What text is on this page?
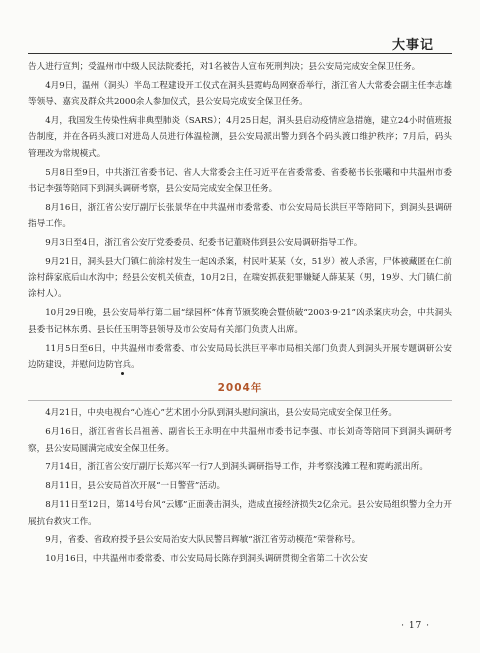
大事记

告人进行宣判；受温州市中级人民法院委托，对1名被告人宣布死刑判决；县公安局完成安全保卫任务。

4月9日，温州（洞头）半岛工程建设开工仪式在洞头县霓屿岛网寮岙举行，浙江省人大常委会副主任李志雄等领导、嘉宾及群众共2000余人参加仪式，县公安局完成安全保卫任务。

4月，我国发生传染性病非典型肺炎（SARS）；4月25日起，洞头县启动疫情应急措施，建立24小时值班报告制度，并在各码头渡口对进岛人员进行体温检测，县公安局派出警力到各个码头渡口维护秩序；7月后，码头管理改为常规模式。

5月8日至9日，中共浙江省委书记、省人大常委会主任习近平在省委常委、省委秘书长张曦和中共温州市委书记李强等陪同下到洞头调研考察，县公安局完成安全保卫任务。

8月16日，浙江省公安厅副厅长张景华在中共温州市委常委、市公安局局长洪巨平等陪同下，到洞头县调研指导工作。

9月3日至4日，浙江省公安厅党委委员、纪委书记董晓伟到县公安局调研指导工作。

9月21日，洞头县大门镇仁前涂村发生一起凶杀案，村民叶某某（女，51岁）被人杀害，尸体被藏匿在仁前涂村薛家底后山水沟中；经县公安机关侦查，10月2日，在瑞安抓获犯罪嫌疑人薛某某（男，19岁、大门镇仁前涂村人）。

10月29日晚，县公安局举行第二届“绿园杯”体育节颁奖晚会暨侦破“2003·9·21”凶杀案庆功会，中共洞头县委书记林东勇、县长任玉明等县领导及市公安局有关部门负责人出席。

11月5日至6日，中共温州市委常委、市公安局局长洪巨平率市局相关部门负责人到洞头开展专题调研公安边防建设，并慰问边防官兵。

2004年

4月21日，中央电视台“心连心”艺术团小分队到洞头慰问演出，县公安局完成安全保卫任务。

6月16日，浙江省省长吕祖善、副省长王永明在中共温州市委书记李强、市长刘奇等陪同下到洞头调研考察，县公安局圆满完成安全保卫任务。

7月14日，浙江省公安厅副厅长郑兴军一行7人到洞头调研指导工作，并考察浅滩工程和霓屿派出所。

8月11日，县公安局首次开展“一日警营”活动。

8月11日至12日，第14号台风“云娜”正面袭击洞头，造成直接经济损失2亿余元。县公安局组织警力全力开展抗台救灾工作。

9月，省委、省政府授予县公安局治安大队民警吕辉敏“浙江省劳动模范”荣誉称号。

10月16日，中共温州市委常委、市公安局局长陈存到洞头调研贯彻全省第二十次公安

· 17 ·
